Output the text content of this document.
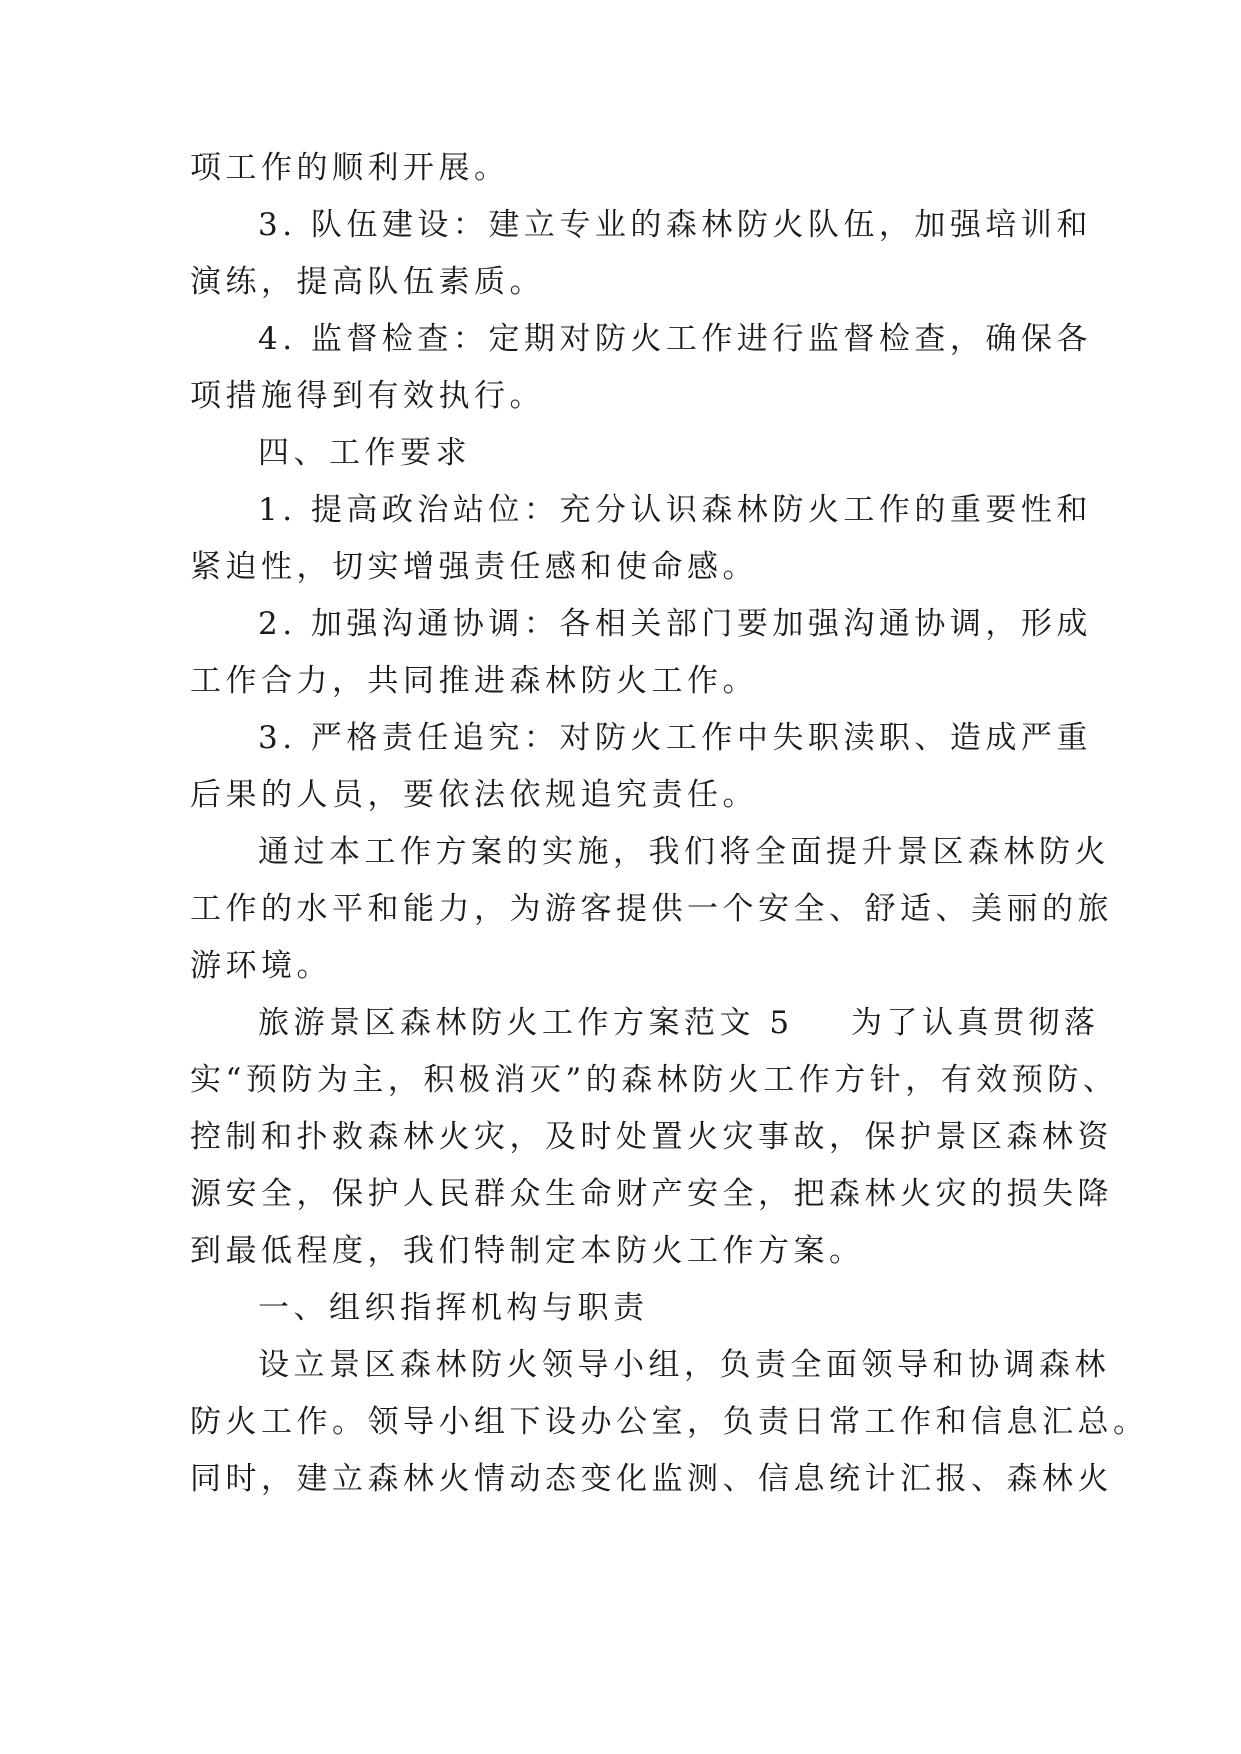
项工作的顺利开展。
3. 队伍建设：建立专业的森林防火队伍，加强培训和
演练，提高队伍素质。
4. 监督检查：定期对防火工作进行监督检查，确保各
项措施得到有效执行。
四、工作要求
1. 提高政治站位：充分认识森林防火工作的重要性和
紧迫性，切实增强责任感和使命感。
2. 加强沟通协调：各相关部门要加强沟通协调，形成
工作合力，共同推进森林防火工作。
3. 严格责任追究：对防火工作中失职渎职、造成严重
后果的人员，要依法依规追究责任。
通过本工作方案的实施，我们将全面提升景区森林防火
工作的水平和能力，为游客提供一个安全、舒适、美丽的旅
游环境。
旅游景区森林防火工作方案范文 5    为了认真贯彻落
实“预防为主，积极消灭”的森林防火工作方针，有效预防、
控制和扑救森林火灾，及时处置火灾事故，保护景区森林资
源安全，保护人民群众生命财产安全，把森林火灾的损失降
到最低程度，我们特制定本防火工作方案。
一、组织指挥机构与职责
设立景区森林防火领导小组，负责全面领导和协调森林
防火工作。领导小组下设办公室，负责日常工作和信息汇总。
同时，建立森林火情动态变化监测、信息统计汇报、森林火
